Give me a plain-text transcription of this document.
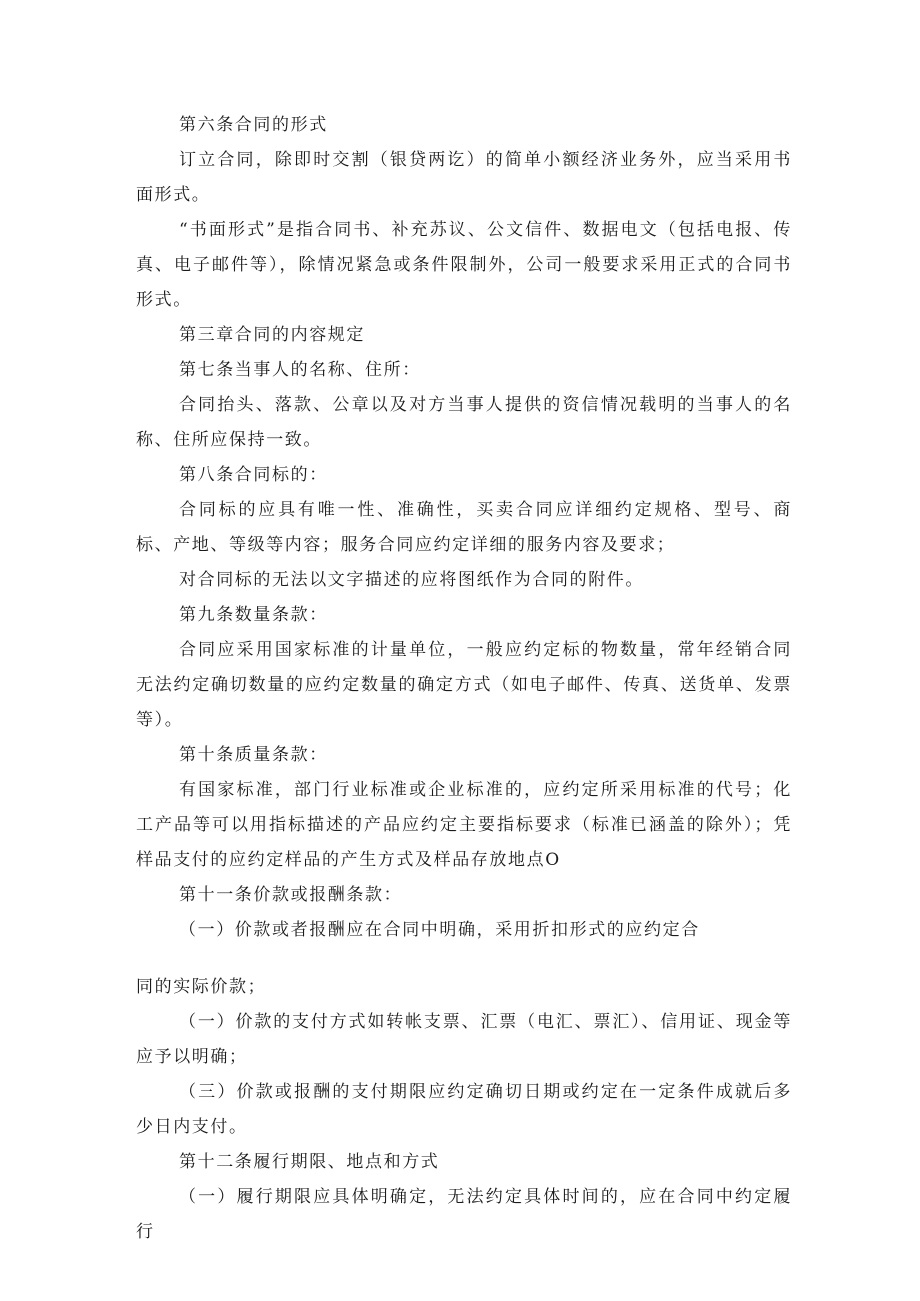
第六条合同的形式

订立合同，除即时交割（银贷两讫）的简单小额经济业务外，应当采用书面形式。

“书面形式”是指合同书、补充苏议、公文信件、数据电文（包括电报、传真、电子邮件等），除情况紧急或条件限制外，公司一般要求采用正式的合同书形式。

第三章合同的内容规定

第七条当事人的名称、住所：

合同抬头、落款、公章以及对方当事人提供的资信情况载明的当事人的名称、住所应保持一致。

第八条合同标的：

合同标的应具有唯一性、准确性，买卖合同应详细约定规格、型号、商标、产地、等级等内容；服务合同应约定详细的服务内容及要求；

对合同标的无法以文字描述的应将图纸作为合同的附件。

第九条数量条款：

合同应采用国家标准的计量单位，一般应约定标的物数量，常年经销合同无法约定确切数量的应约定数量的确定方式（如电子邮件、传真、送货单、发票等）。

第十条质量条款：

有国家标准，部门行业标准或企业标准的，应约定所采用标准的代号；化工产品等可以用指标描述的产品应约定主要指标要求（标准已涵盖的除外）；凭样品支付的应约定样品的产生方式及样品存放地点O

第十一条价款或报酬条款：

（一）价款或者报酬应在合同中明确，采用折扣形式的应约定合

同的实际价款；

（一）价款的支付方式如转帐支票、汇票（电汇、票汇）、信用证、现金等应予以明确；

（三）价款或报酬的支付期限应约定确切日期或约定在一定条件成就后多少日内支付。

第十二条履行期限、地点和方式

（一）履行期限应具体明确定，无法约定具体时间的，应在合同中约定履行
